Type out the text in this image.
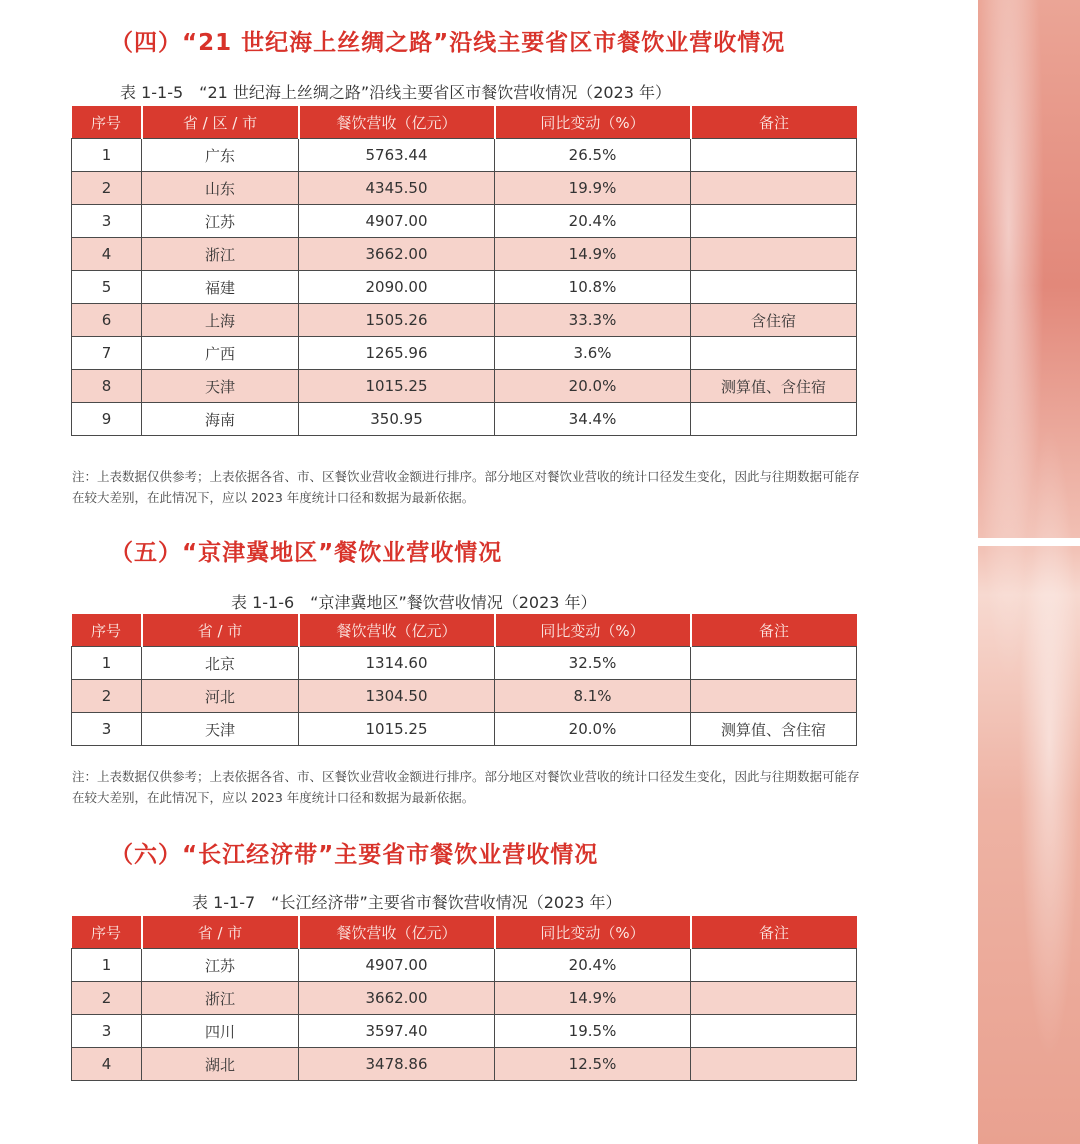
（四）“21 世纪海上丝绸之路”沿线主要省区市餐饮业营收情况
表 1-1-5　“21 世纪海上丝绸之路”沿线主要省区市餐饮营收情况（2023 年）
序号	省 / 区 / 市	餐饮营收（亿元）	同比变动（%）	备注
1	广东	5763.44	26.5%	
2	山东	4345.50	19.9%	
3	江苏	4907.00	20.4%	
4	浙江	3662.00	14.9%	
5	福建	2090.00	10.8%	
6	上海	1505.26	33.3%	含住宿
7	广西	1265.96	3.6%	
8	天津	1015.25	20.0%	测算值、含住宿
9	海南	350.95	34.4%	
注：上表数据仅供参考；上表依据各省、市、区餐饮业营收金额进行排序。部分地区对餐饮业营收的统计口径发生变化，因此与往期数据可能存在较大差别，在此情况下，应以 2023 年度统计口径和数据为最新依据。
（五）“京津冀地区”餐饮业营收情况
表 1-1-6　“京津冀地区”餐饮营收情况（2023 年）
序号	省 / 市	餐饮营收（亿元）	同比变动（%）	备注
1	北京	1314.60	32.5%	
2	河北	1304.50	8.1%	
3	天津	1015.25	20.0%	测算值、含住宿
注：上表数据仅供参考；上表依据各省、市、区餐饮业营收金额进行排序。部分地区对餐饮业营收的统计口径发生变化，因此与往期数据可能存在较大差别，在此情况下，应以 2023 年度统计口径和数据为最新依据。
（六）“长江经济带”主要省市餐饮业营收情况
表 1-1-7　“长江经济带”主要省市餐饮营收情况（2023 年）
序号	省 / 市	餐饮营收（亿元）	同比变动（%）	备注
1	江苏	4907.00	20.4%	
2	浙江	3662.00	14.9%	
3	四川	3597.40	19.5%	
4	湖北	3478.86	12.5%	
